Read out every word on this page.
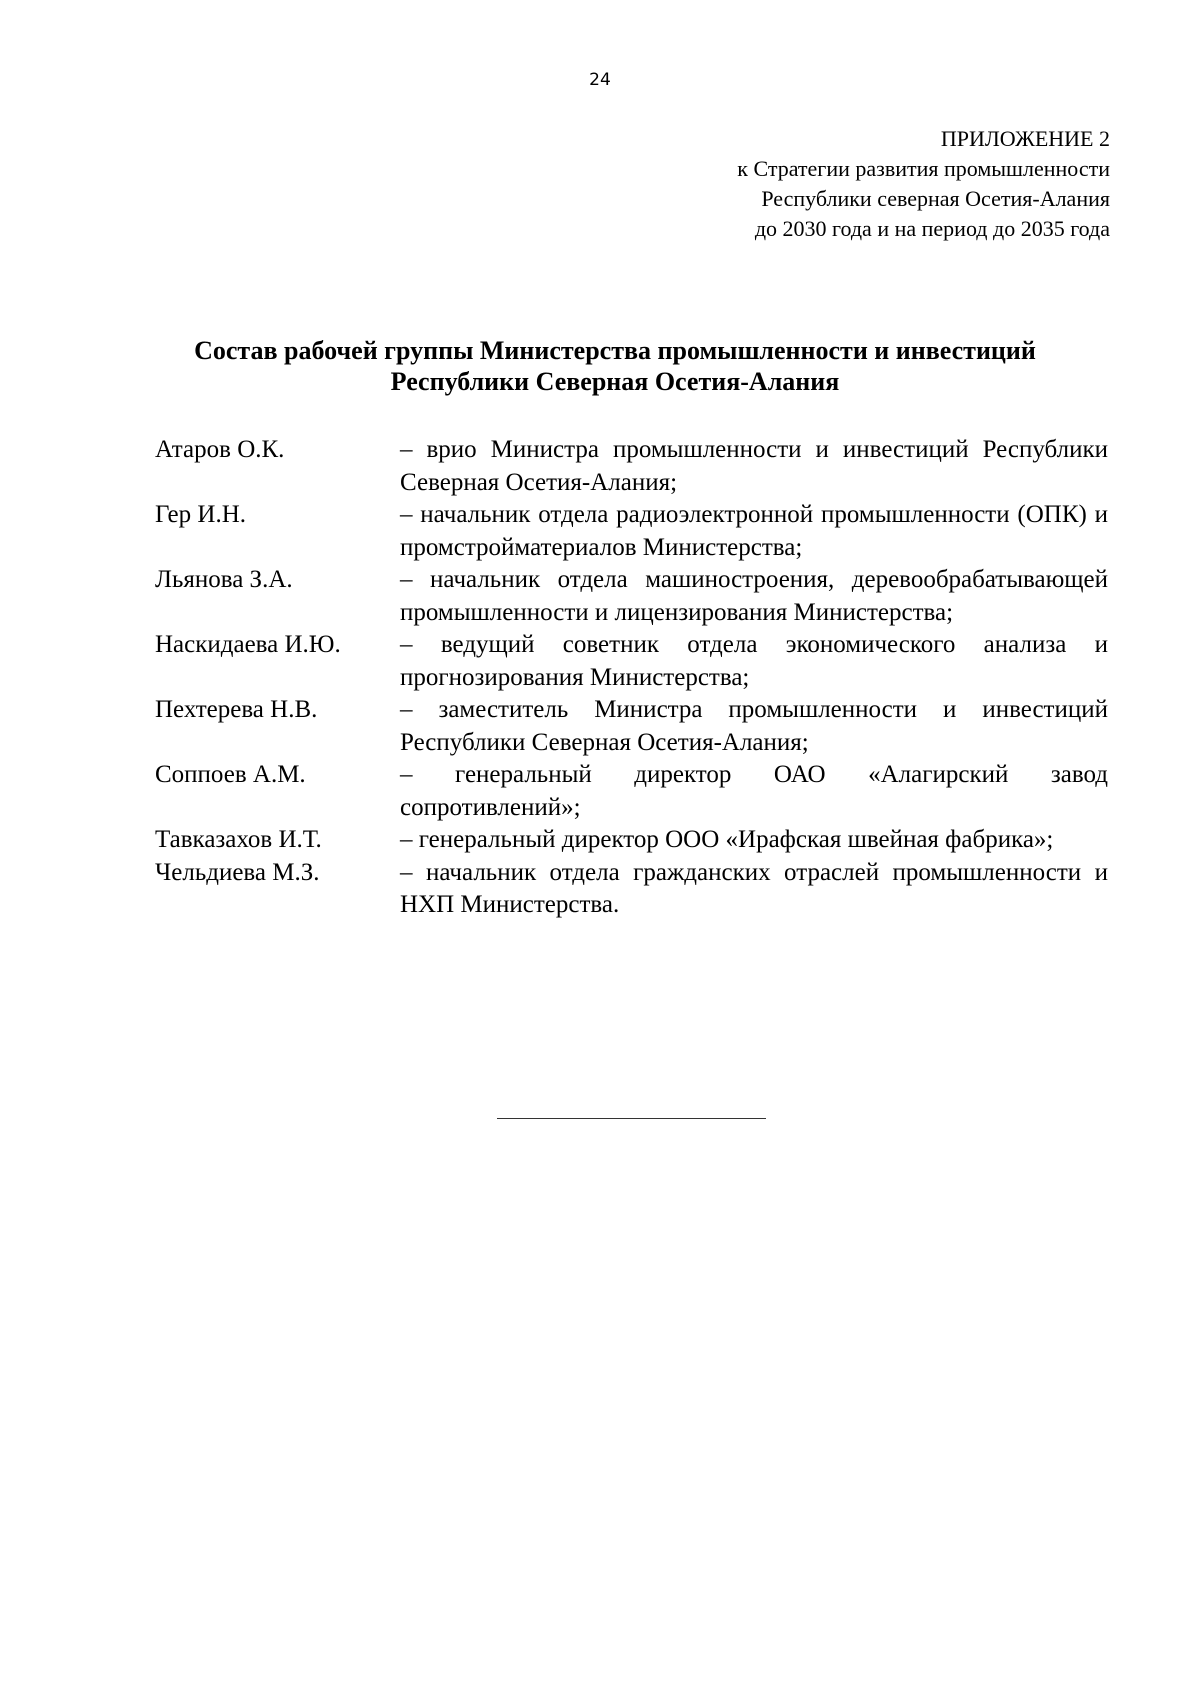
24
ПРИЛОЖЕНИЕ 2
к Стратегии развития промышленности
Республики северная Осетия-Алания
до 2030 года и на период до 2035 года
Состав рабочей группы Министерства промышленности и инвестиций
Республики Северная Осетия-Алания
Атаров О.К.	– врио Министра промышленности и инвестиций Республики Северная Осетия-Алания;
Гер И.Н.	– начальник отдела радиоэлектронной промышленности (ОПК) и промстройматериалов Министерства;
Льянова З.А.	– начальник отдела машиностроения, деревообрабатывающей промышленности и лицензирования Министерства;
Наскидаева И.Ю.	– ведущий советник отдела экономического анализа и прогнозирования Министерства;
Пехтерева Н.В.	– заместитель Министра промышленности и инвестиций Республики Северная Осетия-Алания;
Соппоев А.М.	– генеральный директор ОАО «Алагирский завод сопротивлений»;
Тавказахов И.Т.	– генеральный директор ООО «Ирафская швейная фабрика»;
Чельдиева М.З.	– начальник отдела гражданских отраслей промышленности и НХП Министерства.
